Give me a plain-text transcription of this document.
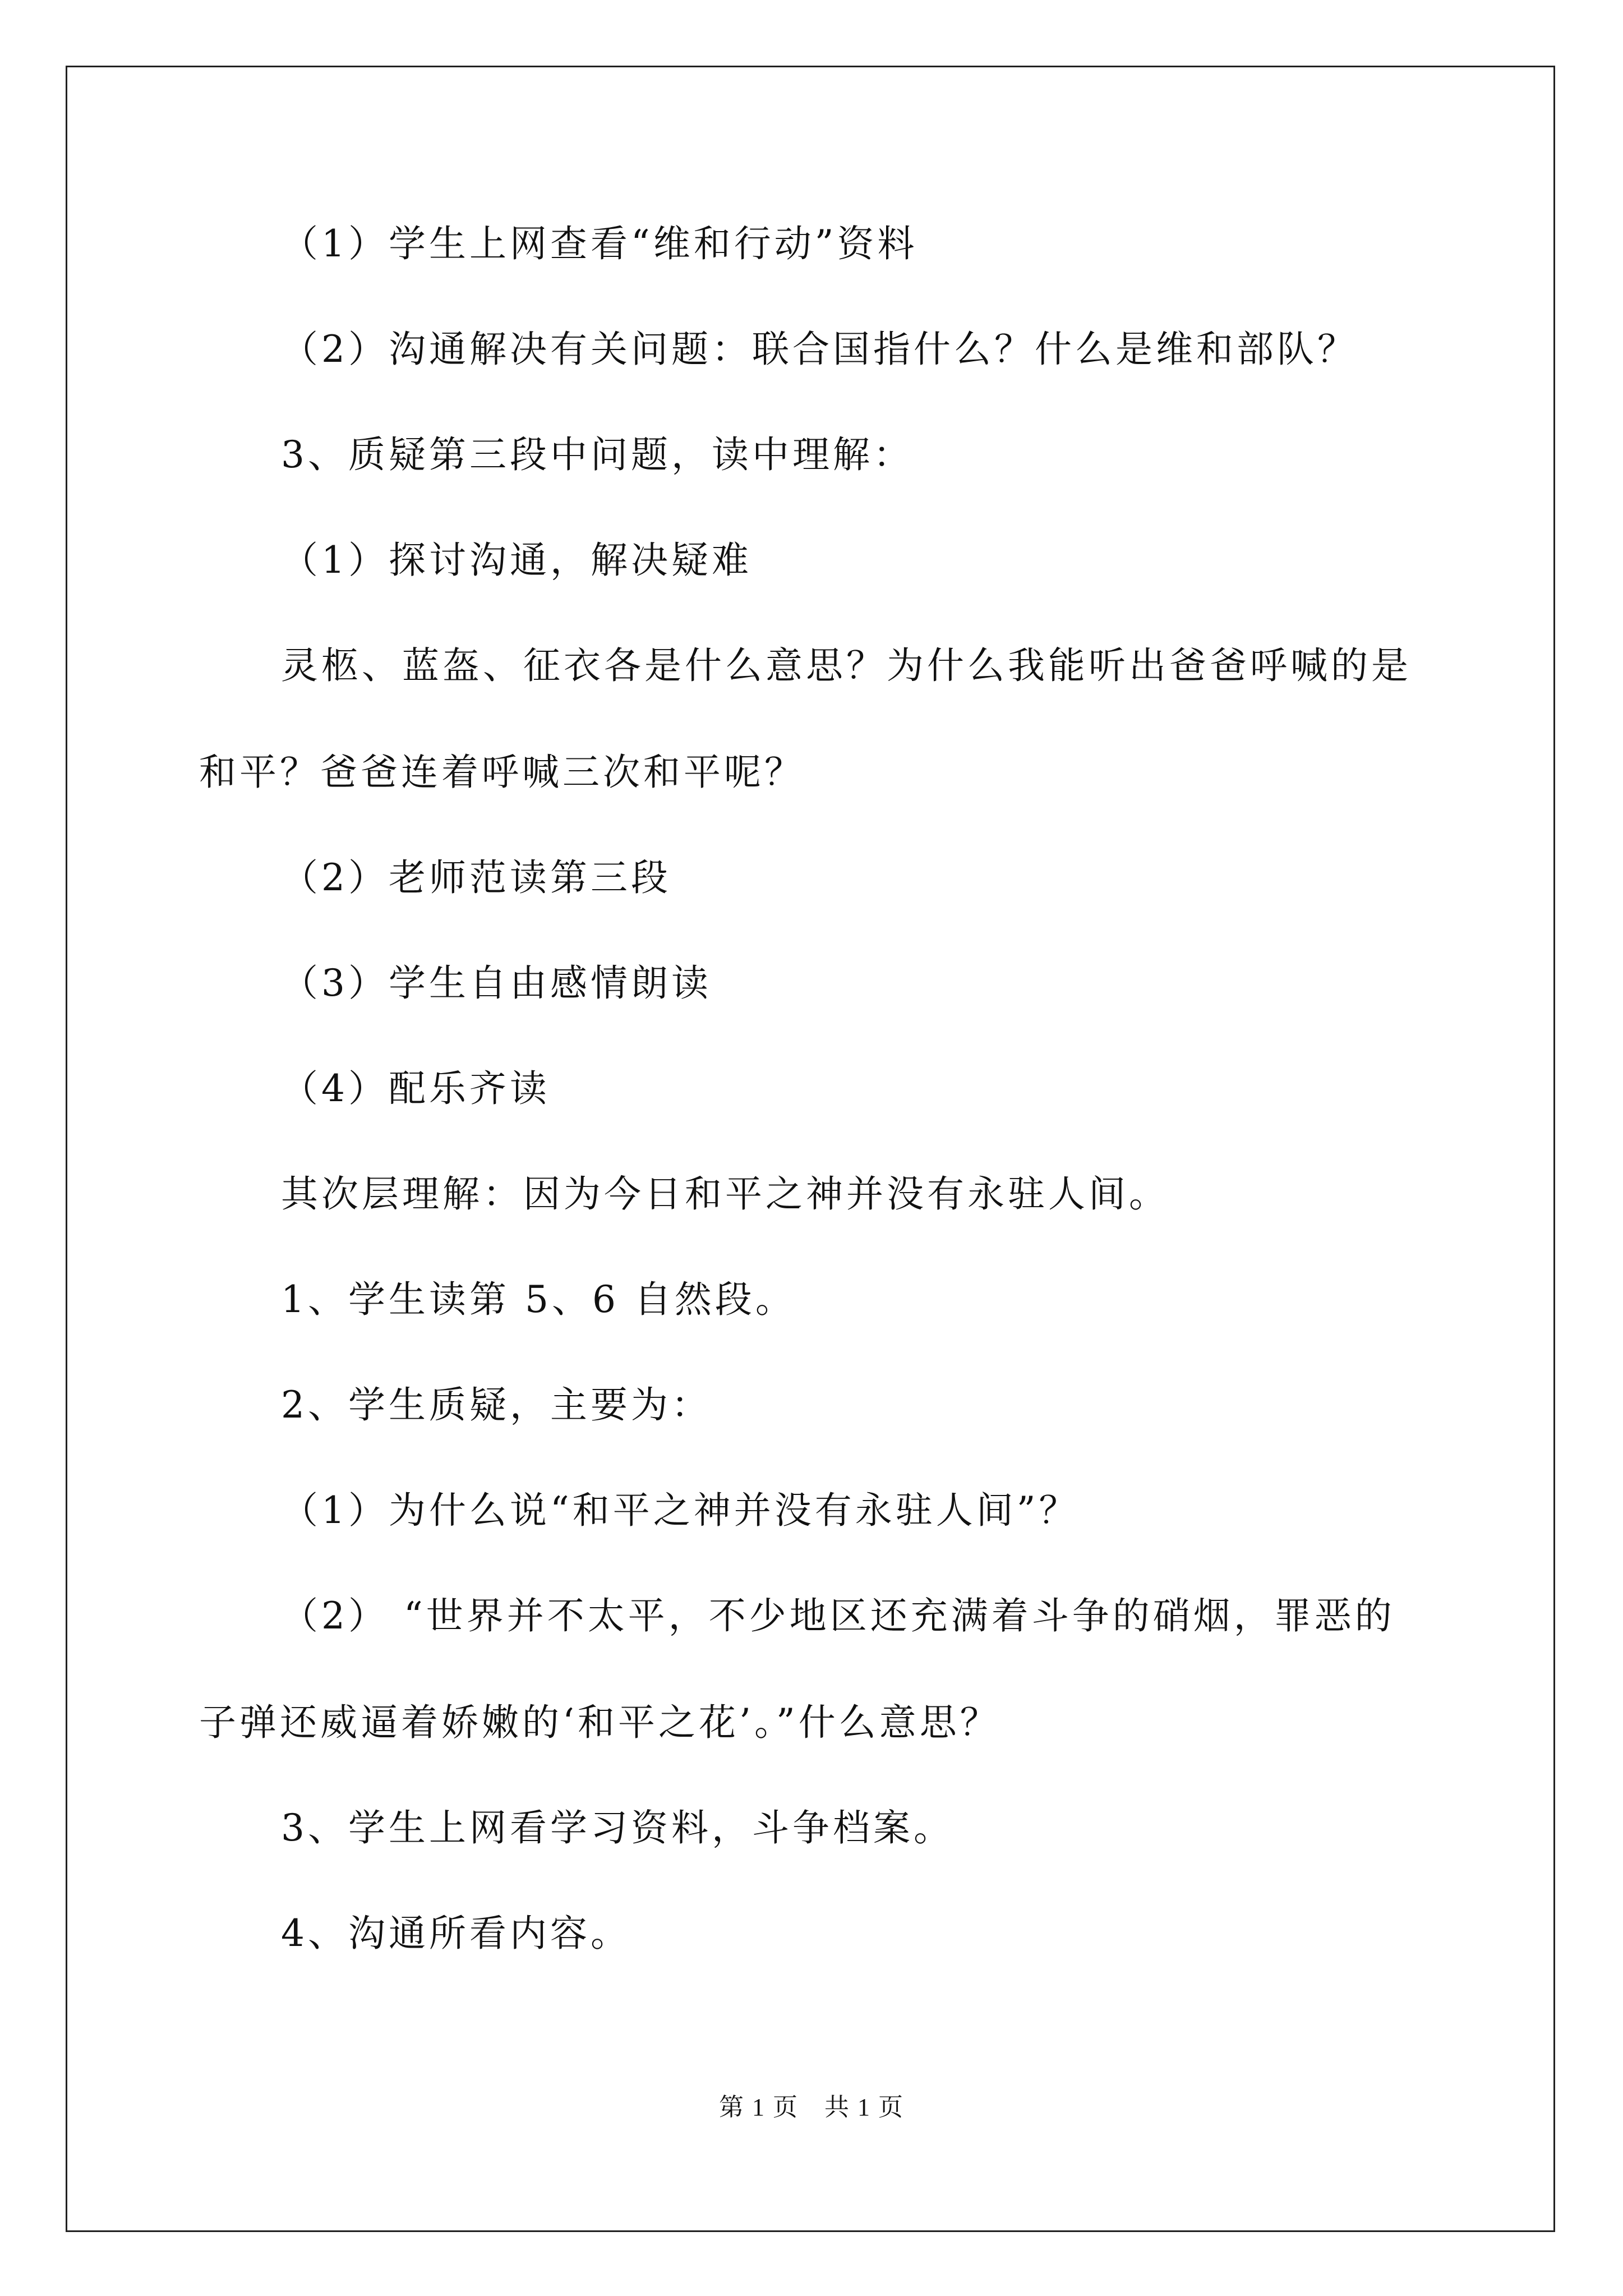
（1）学生上网查看“维和行动”资料

（2）沟通解决有关问题：联合国指什么？什么是维和部队？

3、质疑第三段中问题，读中理解：

（1）探讨沟通，解决疑难

灵柩、蓝盔、征衣各是什么意思？为什么我能听出爸爸呼喊的是和平？爸爸连着呼喊三次和平呢？

（2）老师范读第三段

（3）学生自由感情朗读

（4）配乐齐读

其次层理解：因为今日和平之神并没有永驻人间。

1、学生读第 5、6 自然段。

2、学生质疑，主要为：

（1）为什么说“和平之神并没有永驻人间”？

（2） “世界并不太平，不少地区还充满着斗争的硝烟，罪恶的子弹还威逼着娇嫩的‘和平之花’。”什么意思？

3、学生上网看学习资料，斗争档案。

4、沟通所看内容。

第 1 页　共 1 页
